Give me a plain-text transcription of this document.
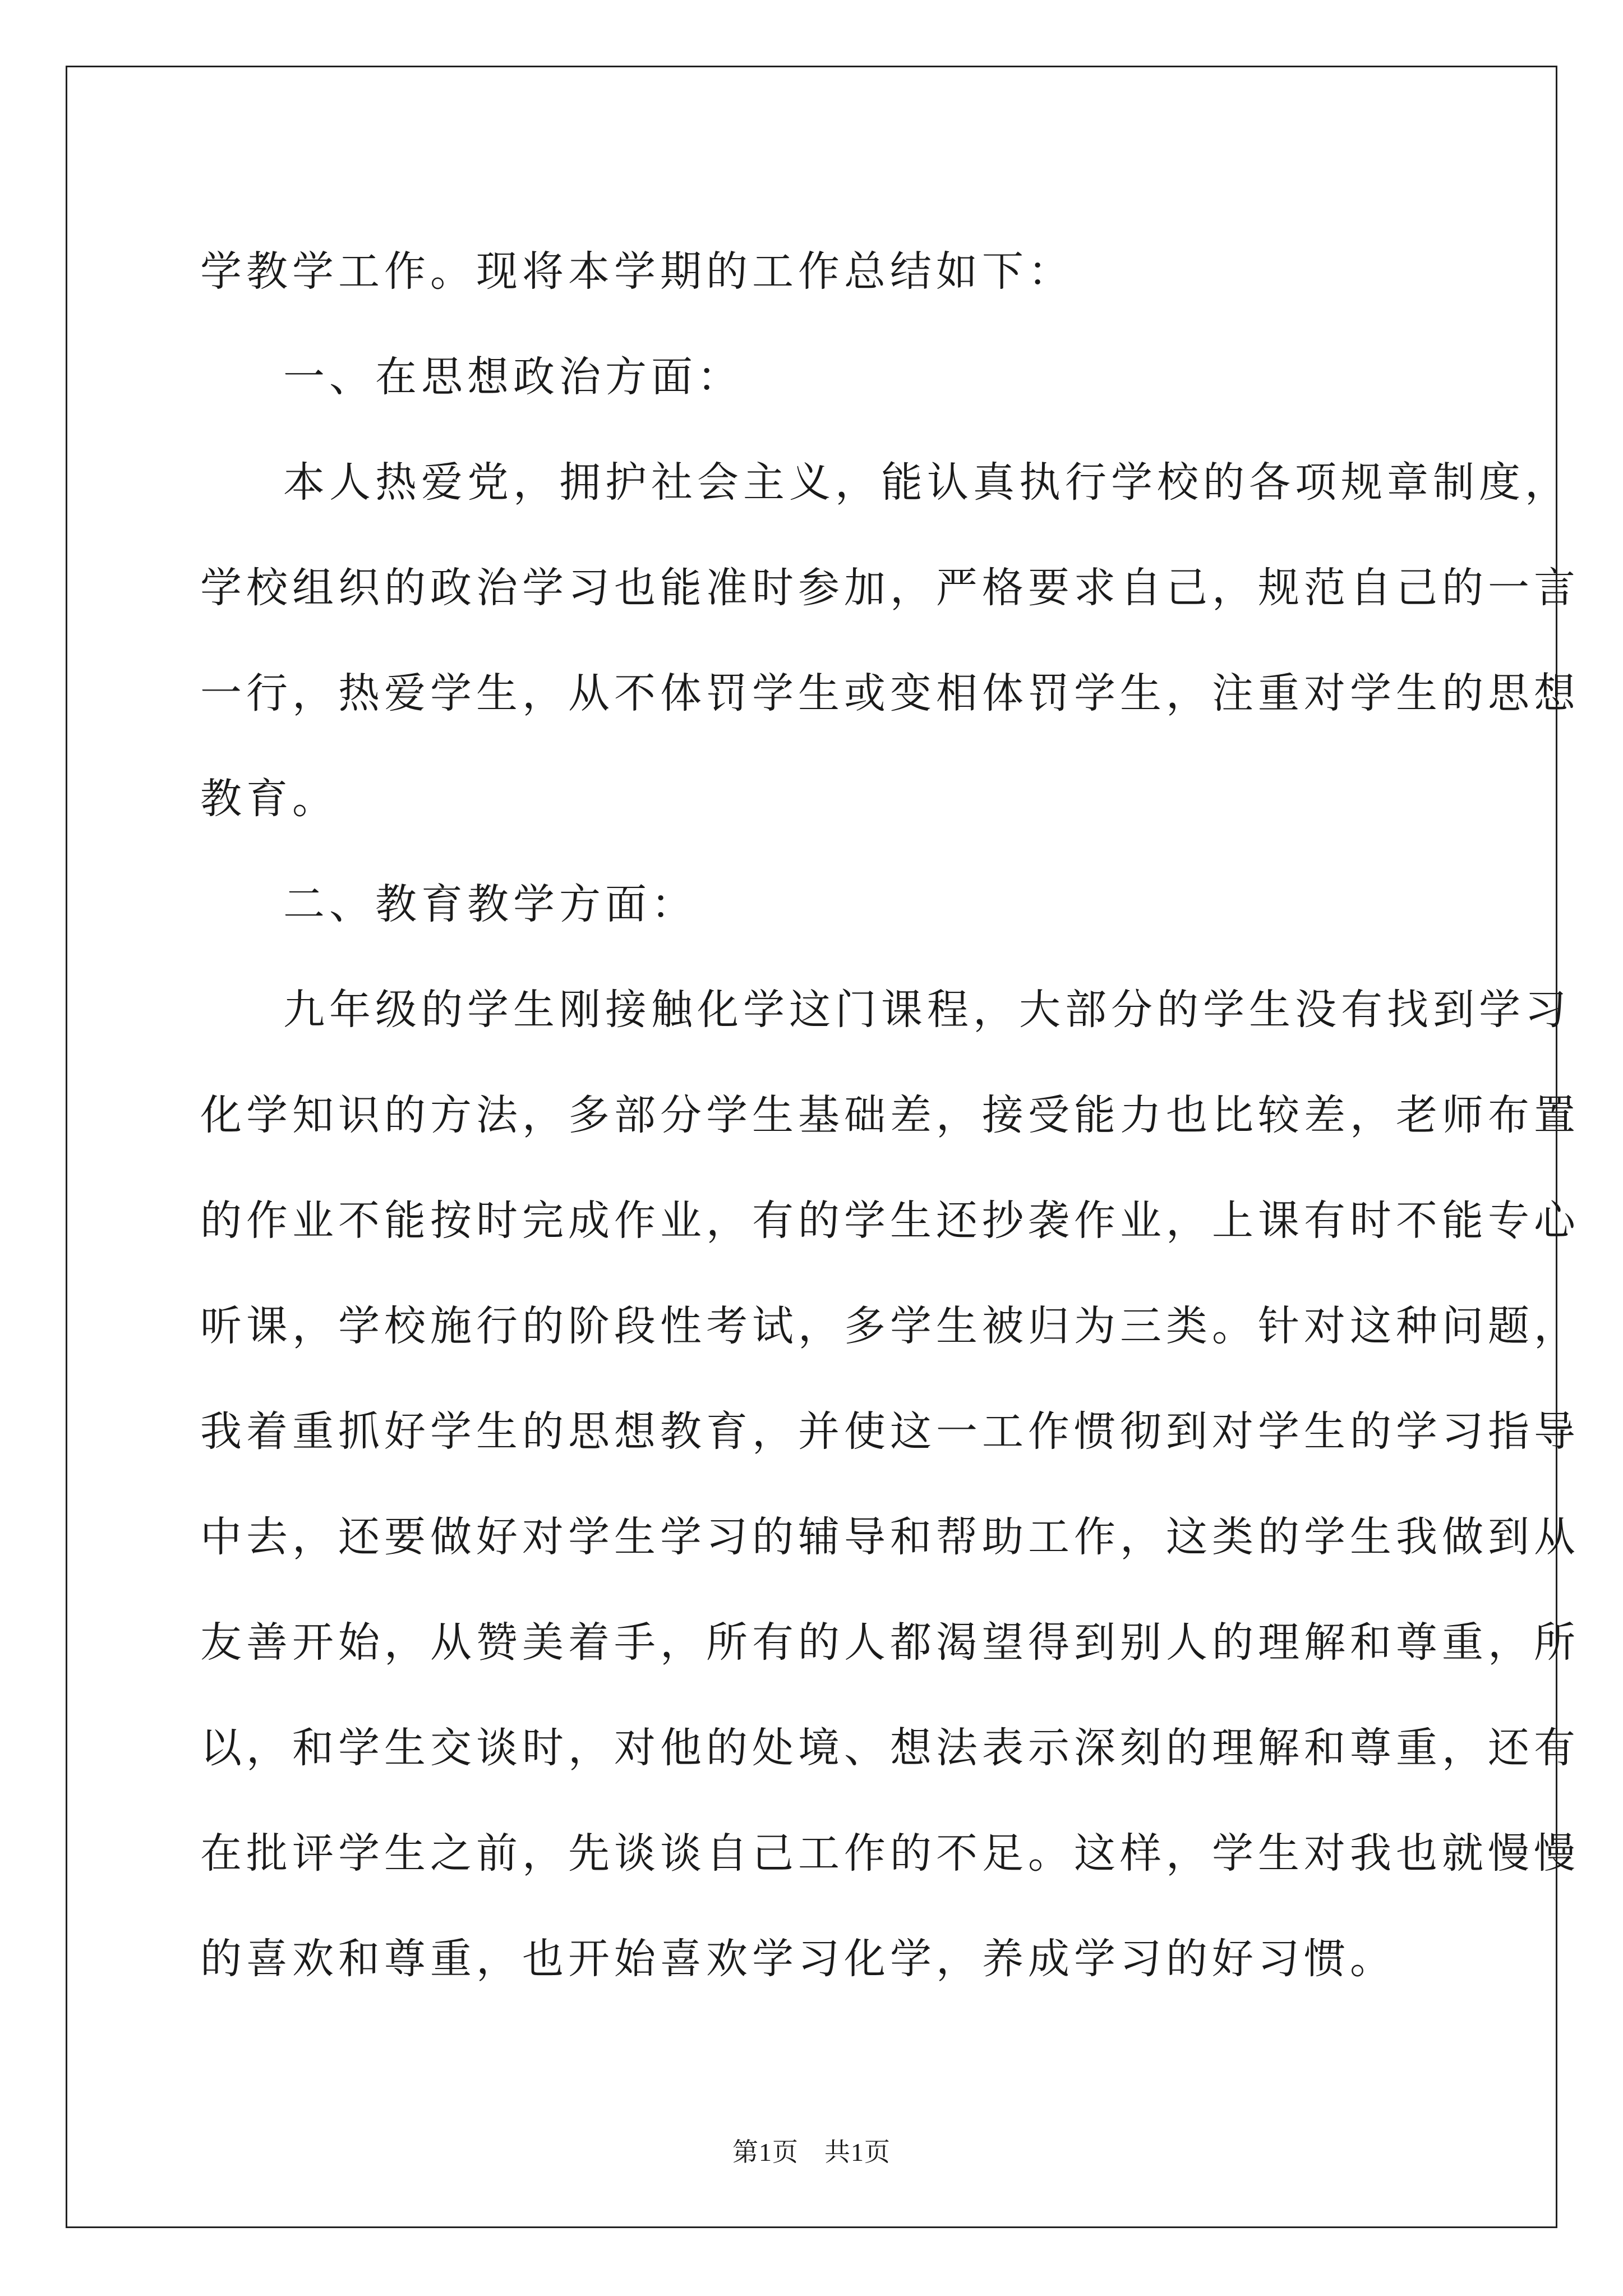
学教学工作。现将本学期的工作总结如下：
一、在思想政治方面：
本人热爱党，拥护社会主义，能认真执行学校的各项规章制度，
学校组织的政治学习也能准时参加，严格要求自己，规范自己的一言
一行，热爱学生，从不体罚学生或变相体罚学生，注重对学生的思想
教育。
二、教育教学方面：
九年级的学生刚接触化学这门课程，大部分的学生没有找到学习
化学知识的方法，多部分学生基础差，接受能力也比较差，老师布置
的作业不能按时完成作业，有的学生还抄袭作业，上课有时不能专心
听课，学校施行的阶段性考试，多学生被归为三类。针对这种问题，
我着重抓好学生的思想教育，并使这一工作惯彻到对学生的学习指导
中去，还要做好对学生学习的辅导和帮助工作，这类的学生我做到从
友善开始，从赞美着手，所有的人都渴望得到别人的理解和尊重，所
以，和学生交谈时，对他的处境、想法表示深刻的理解和尊重，还有
在批评学生之前，先谈谈自己工作的不足。这样，学生对我也就慢慢
的喜欢和尊重，也开始喜欢学习化学，养成学习的好习惯。
第1页 共1页
